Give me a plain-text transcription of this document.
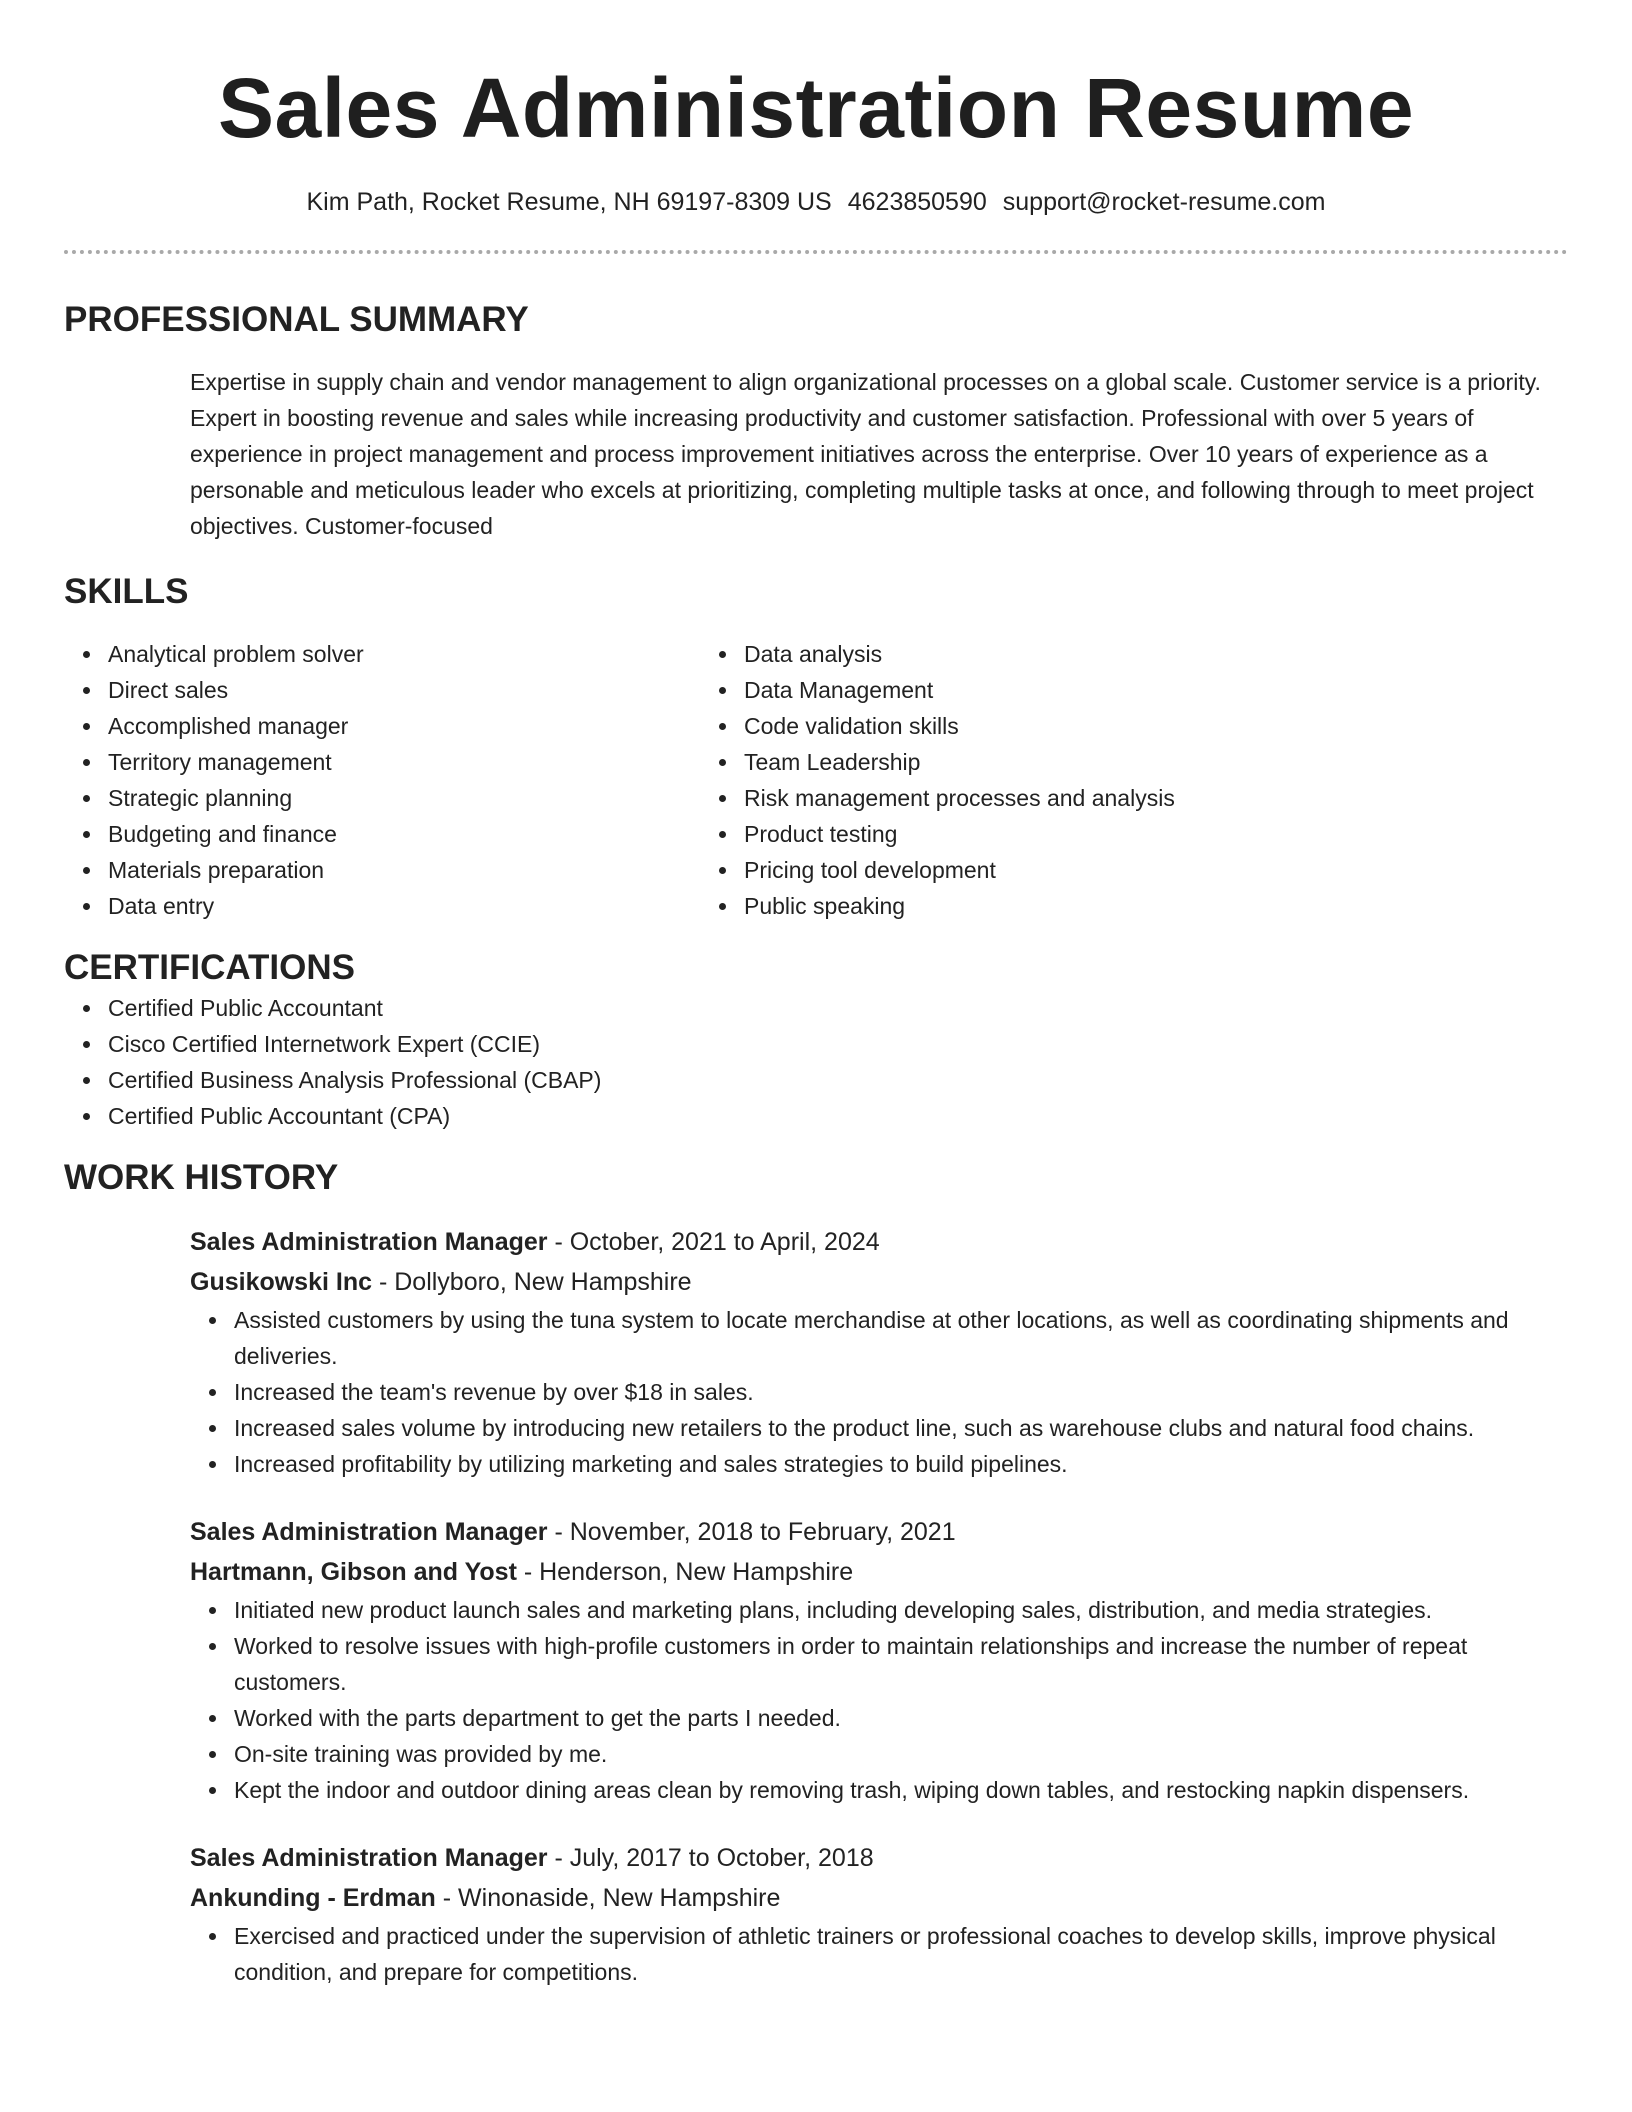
Sales Administration Resume
Kim Path, Rocket Resume, NH 69197-8309 US 4623850590 support@rocket-resume.com
PROFESSIONAL SUMMARY

Expertise in supply chain and vendor management to align organizational processes on a global scale. Customer service is a priority. Expert in boosting revenue and sales while increasing productivity and customer satisfaction. Professional with over 5 years of experience in project management and process improvement initiatives across the enterprise. Over 10 years of experience as a personable and meticulous leader who excels at prioritizing, completing multiple tasks at once, and following through to meet project objectives. Customer-focused

SKILLS
Analytical problem solver
Direct sales
Accomplished manager
Territory management
Strategic planning
Budgeting and finance
Materials preparation
Data entry
Data analysis
Data Management
Code validation skills
Team Leadership
Risk management processes and analysis
Product testing
Pricing tool development
Public speaking
CERTIFICATIONS
Certified Public Accountant
Cisco Certified Internetwork Expert (CCIE)
Certified Business Analysis Professional (CBAP)
Certified Public Accountant (CPA)
WORK HISTORY
Sales Administration Manager - October, 2021 to April, 2024
Gusikowski Inc - Dollyboro, New Hampshire
Assisted customers by using the tuna system to locate merchandise at other locations, as well as coordinating shipments and deliveries.
Increased the team's revenue by over $18 in sales.
Increased sales volume by introducing new retailers to the product line, such as warehouse clubs and natural food chains.
Increased profitability by utilizing marketing and sales strategies to build pipelines.
Sales Administration Manager - November, 2018 to February, 2021
Hartmann, Gibson and Yost - Henderson, New Hampshire
Initiated new product launch sales and marketing plans, including developing sales, distribution, and media strategies.
Worked to resolve issues with high-profile customers in order to maintain relationships and increase the number of repeat customers.
Worked with the parts department to get the parts I needed.
On-site training was provided by me.
Kept the indoor and outdoor dining areas clean by removing trash, wiping down tables, and restocking napkin dispensers.
Sales Administration Manager - July, 2017 to October, 2018
Ankunding - Erdman - Winonaside, New Hampshire
Exercised and practiced under the supervision of athletic trainers or professional coaches to develop skills, improve physical condition, and prepare for competitions.
